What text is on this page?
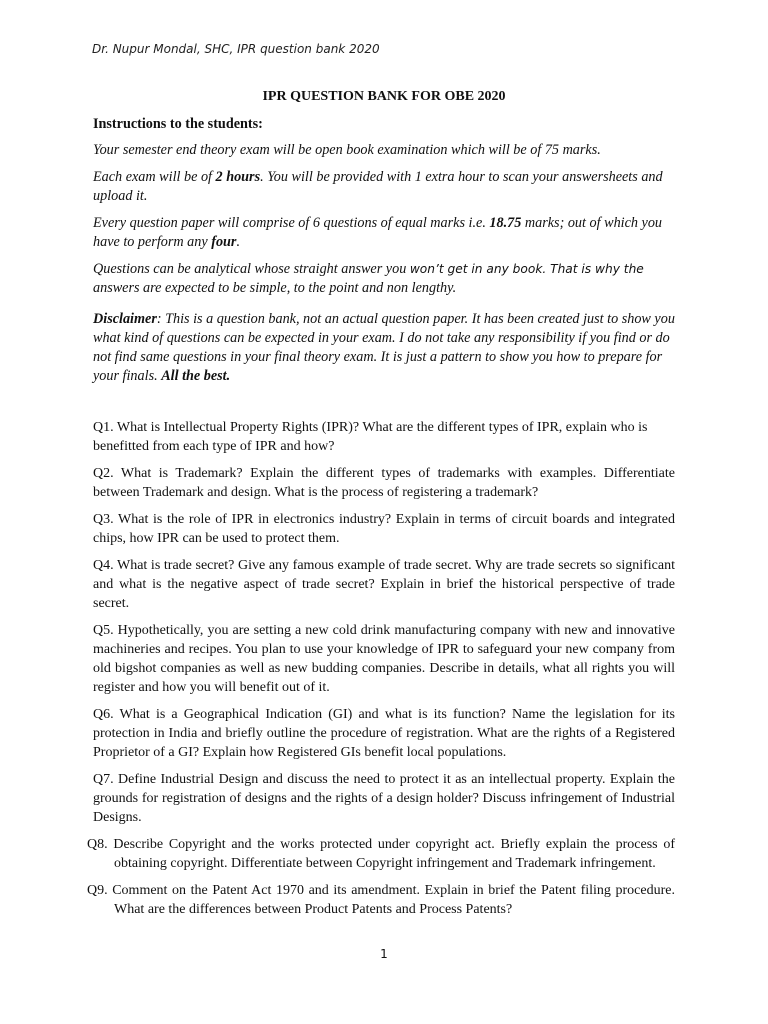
Dr. Nupur Mondal, SHC, IPR question bank 2020
IPR QUESTION BANK FOR OBE 2020

Instructions to the students:

Your semester end theory exam will be open book examination which will be of 75 marks.

Each exam will be of 2 hours. You will be provided with 1 extra hour to scan your answersheets and upload it.

Every question paper will comprise of 6 questions of equal marks i.e. 18.75 marks; out of which you have to perform any four.

Questions can be analytical whose straight answer you won’t get in any book. That is why the answers are expected to be simple, to the point and non lengthy.

Disclaimer: This is a question bank, not an actual question paper. It has been created just to show you what kind of questions can be expected in your exam. I do not take any responsibility if you find or do not find same questions in your final theory exam. It is just a pattern to show you how to prepare for your finals. All the best.

Q1. What is Intellectual Property Rights (IPR)? What are the different types of IPR, explain who is benefitted from each type of IPR and how?

Q2. What is Trademark? Explain the different types of trademarks with examples. Differentiate between Trademark and design. What is the process of registering a trademark?

Q3. What is the role of IPR in electronics industry? Explain in terms of circuit boards and integrated chips, how IPR can be used to protect them.

Q4. What is trade secret? Give any famous example of trade secret. Why are trade secrets so significant and what is the negative aspect of trade secret? Explain in brief the historical perspective of trade secret.

Q5. Hypothetically, you are setting a new cold drink manufacturing company with new and innovative machineries and recipes. You plan to use your knowledge of IPR to safeguard your new company from old bigshot companies as well as new budding companies. Describe in details, what all rights you will register and how you will benefit out of it.

Q6. What is a Geographical Indication (GI) and what is its function? Name the legislation for its protection in India and briefly outline the procedure of registration. What are the rights of a Registered Proprietor of a GI? Explain how Registered GIs benefit local populations.

Q7. Define Industrial Design and discuss the need to protect it as an intellectual property. Explain the grounds for registration of designs and the rights of a design holder? Discuss infringement of Industrial Designs.

Q8. Describe Copyright and the works protected under copyright act. Briefly explain the process of obtaining copyright. Differentiate between Copyright infringement and Trademark infringement.

Q9. Comment on the Patent Act 1970 and its amendment. Explain in brief the Patent filing procedure. What are the differences between Product Patents and Process Patents?

1
